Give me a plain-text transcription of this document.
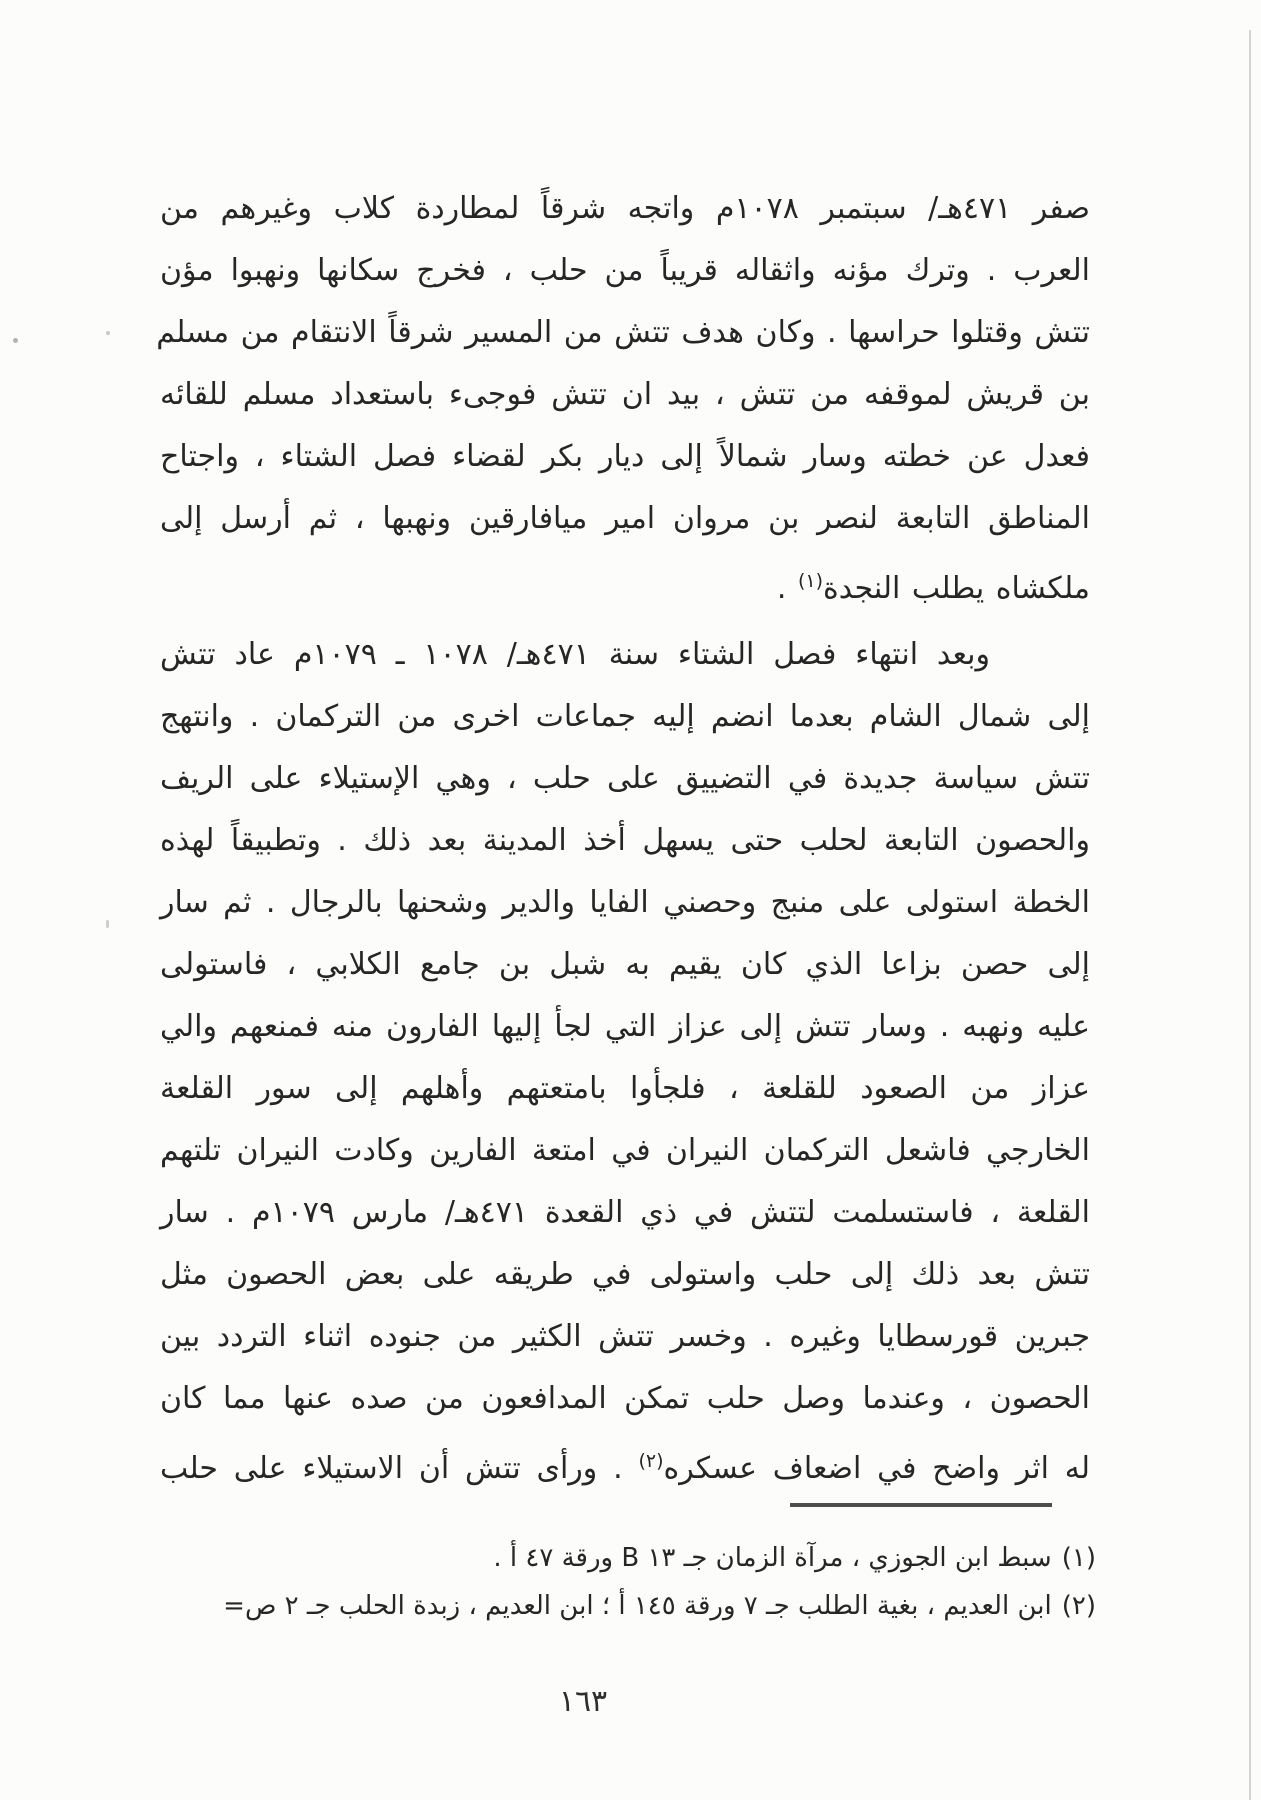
صفر ٤٧١هـ/ سبتمبر ١٠٧٨م واتجه شرقاً لمطاردة كلاب وغيرهم من
العرب . وترك مؤنه واثقاله قريباً من حلب ، فخرج سكانها ونهبوا مؤن
تتش وقتلوا حراسها . وكان هدف تتش من المسير شرقاً الانتقام من مسلم
بن قريش لموقفه من تتش ، بيد ان تتش فوجىء باستعداد مسلم للقائه
فعدل عن خطته وسار شمالاً إلى ديار بكر لقضاء فصل الشتاء ، واجتاح
المناطق التابعة لنصر بن مروان امير ميافارقين ونهبها ، ثم أرسل إلى
ملكشاه يطلب النجدة$^{(١)}$ .
وبعد انتهاء فصل الشتاء سنة ٤٧١هـ/ ١٠٧٨ ـ ١٠٧٩م عاد تتش
إلى شمال الشام بعدما انضم إليه جماعات اخرى من التركمان . وانتهج
تتش سياسة جديدة في التضييق على حلب ، وهي الإستيلاء على الريف
والحصون التابعة لحلب حتى يسهل أخذ المدينة بعد ذلك . وتطبيقاً لهذه
الخطة استولى على منبج وحصني الفايا والدير وشحنها بالرجال . ثم سار
إلى حصن بزاعا الذي كان يقيم به شبل بن جامع الكلابي ، فاستولى
عليه ونهبه . وسار تتش إلى عزاز التي لجأ إليها الفارون منه فمنعهم والي
عزاز من الصعود للقلعة ، فلجأوا بامتعتهم وأهلهم إلى سور القلعة
الخارجي فاشعل التركمان النيران في امتعة الفارين وكادت النيران تلتهم
القلعة ، فاستسلمت لتتش في ذي القعدة ٤٧١هـ/ مارس ١٠٧٩م . سار
تتش بعد ذلك إلى حلب واستولى في طريقه على بعض الحصون مثل
جبرين قورسطايا وغيره . وخسر تتش الكثير من جنوده اثناء التردد بين
الحصون ، وعندما وصل حلب تمكن المدافعون من صده عنها مما كان
له اثر واضح في اضعاف عسكره$^{(٢)}$ . ورأى تتش أن الاستيلاء على حلب
(١)سبط ابن الجوزي ، مرآة الزمان جـ ١٣ B ورقة ٤٧ أ .
(٢)ابن العديم ، بغية الطلب جـ ٧ ورقة ١٤٥ أ ؛ ابن العديم ، زبدة الحلب جـ ٢ ص=
١٦٣
